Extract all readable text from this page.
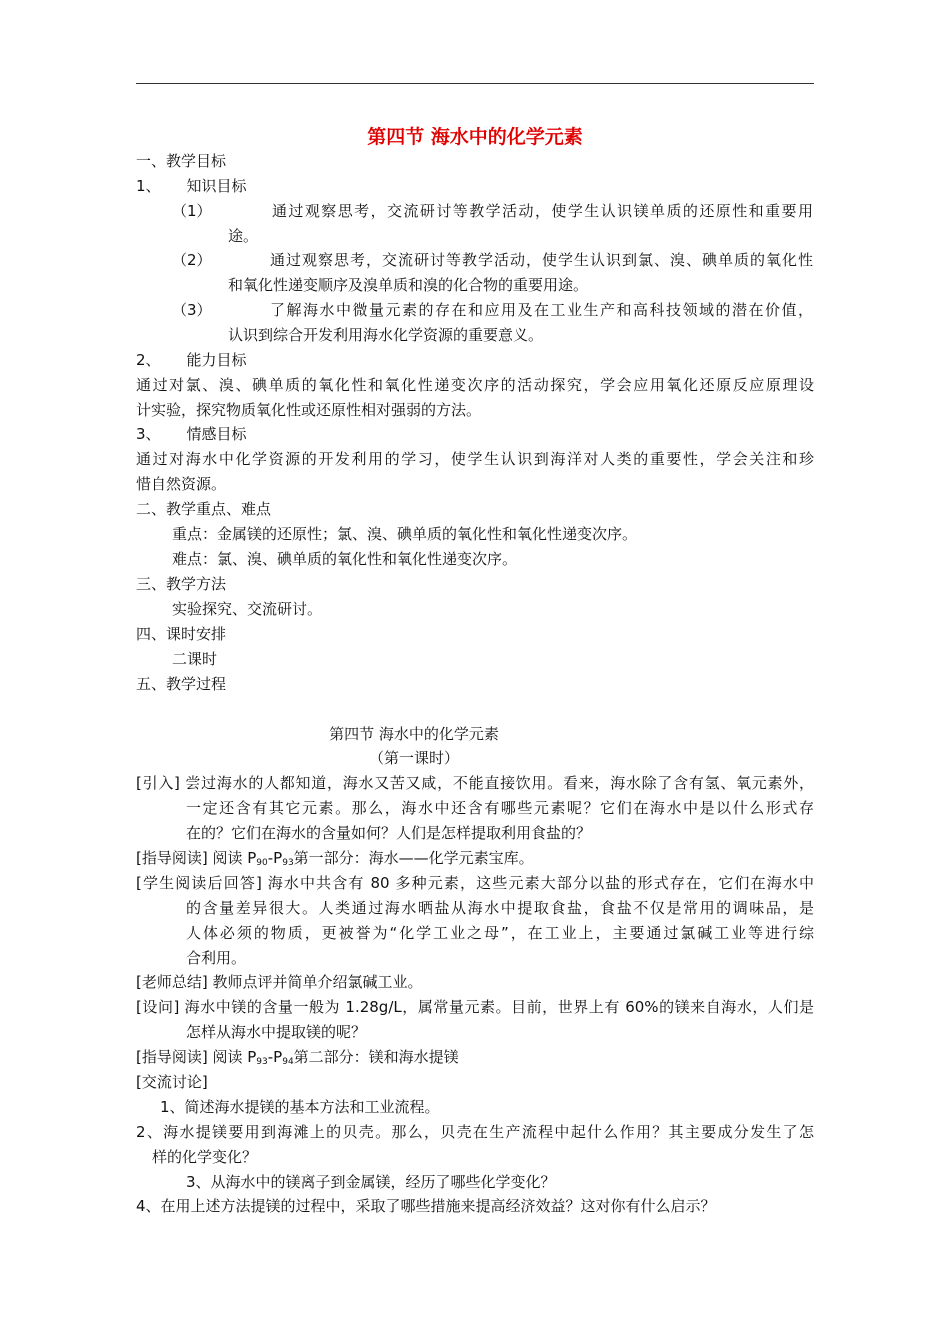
第四节 海水中的化学元素
一、教学目标
1、 知识目标
（1）	通过观察思考，交流研讨等教学活动，使学生认识镁单质的还原性和重要用
途。
（2）	通过观察思考，交流研讨等教学活动，使学生认识到氯、溴、碘单质的氧化性
和氧化性递变顺序及溴单质和溴的化合物的重要用途。
（3）	了解海水中微量元素的存在和应用及在工业生产和高科技领域的潜在价值，
认识到综合开发利用海水化学资源的重要意义。
2、 能力目标
通过对氯、溴、碘单质的氧化性和氧化性递变次序的活动探究，学会应用氧化还原反应原理设
计实验，探究物质氧化性或还原性相对强弱的方法。
3、 情感目标
通过对海水中化学资源的开发利用的学习，使学生认识到海洋对人类的重要性，学会关注和珍
惜自然资源。
二、教学重点、难点
重点：金属镁的还原性；氯、溴、碘单质的氧化性和氧化性递变次序。
难点：氯、溴、碘单质的氧化性和氧化性递变次序。
三、教学方法
实验探究、交流研讨。
四、课时安排
二课时
五、教学过程
第四节 海水中的化学元素
（第一课时）
[引入] 尝过海水的人都知道，海水又苦又咸，不能直接饮用。看来，海水除了含有氢、氧元素外，
一定还含有其它元素。那么，海水中还含有哪些元素呢？它们在海水中是以什么形式存
在的？它们在海水的含量如何？人们是怎样提取利用食盐的？
[指导阅读] 阅读 $P_{90}-P_{93}$第一部分：海水——化学元素宝库。
[学生阅读后回答] 海水中共含有 80 多种元素，这些元素大部分以盐的形式存在，它们在海水中
的含量差异很大。人类通过海水晒盐从海水中提取食盐，食盐不仅是常用的调味品，是
人体必须的物质，更被誉为“化学工业之母”，在工业上，主要通过氯碱工业等进行综
合利用。
[老师总结] 教师点评并简单介绍氯碱工业。
[设问] 海水中镁的含量一般为 1.28g/L，属常量元素。目前，世界上有 60%的镁来自海水，人们是
怎样从海水中提取镁的呢？
[指导阅读] 阅读 $P_{93}-P_{94}$第二部分：镁和海水提镁
[交流讨论]
1、简述海水提镁的基本方法和工业流程。
2、海水提镁要用到海滩上的贝壳。那么，贝壳在生产流程中起什么作用？其主要成分发生了怎
样的化学变化？
3、从海水中的镁离子到金属镁，经历了哪些化学变化？
4、在用上述方法提镁的过程中，采取了哪些措施来提高经济效益？这对你有什么启示？
